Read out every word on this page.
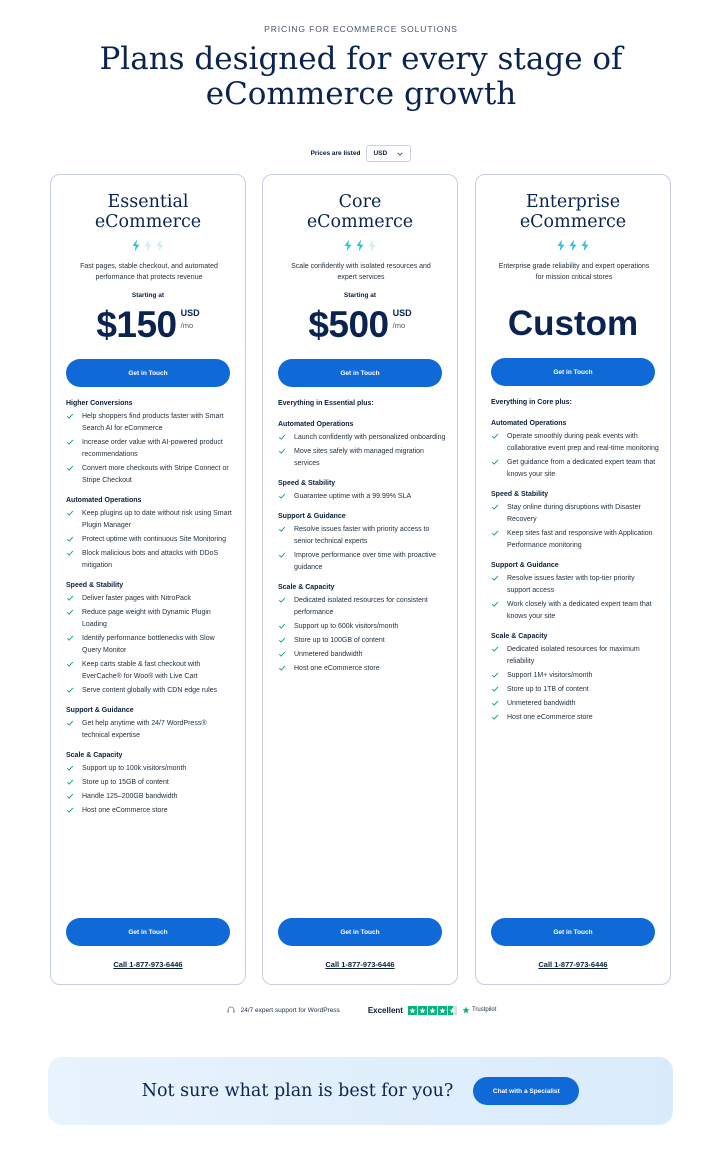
PRICING FOR ECOMMERCE SOLUTIONS
Plans designed for every stage of
eCommerce growth
Prices are listed USD
Essential
eCommerce
Fast pages, stable checkout, and automated performance that protects revenue
Starting at
$150 USD
/mo
Get in Touch
Higher Conversions
Help shoppers find products faster with Smart Search AI for eCommerce
Increase order value with AI-powered product recommendations
Convert more checkouts with Stripe Connect or Stripe Checkout
Automated Operations
Keep plugins up to date without risk using Smart Plugin Manager
Protect uptime with continuous Site Monitoring
Block malicious bots and attacks with DDoS mitigation
Speed & Stability
Deliver faster pages with NitroPack
Reduce page weight with Dynamic Plugin Loading
Identify performance bottlenecks with Slow Query Monitor
Keep carts stable & fast checkout with EverCache® for Woo® with Live Cart
Serve content globally with CDN edge rules
Support & Guidance
Get help anytime with 24/7 WordPress® technical expertise
Scale & Capacity
Support up to 100k visitors/month
Store up to 15GB of content
Handle 125–200GB bandwidth
Host one eCommerce store
Get in Touch
Call 1-877-973-6446
Core
eCommerce
Scale confidently with isolated resources and expert services
Starting at
$500 USD
/mo
Get in Touch
Everything in Essential plus:
Automated Operations
Launch confidently with personalized onboarding
Move sites safely with managed migration services
Speed & Stability
Guarantee uptime with a 99.99% SLA
Support & Guidance
Resolve issues faster with priority access to senior technical experts
Improve performance over time with proactive guidance
Scale & Capacity
Dedicated isolated resources for consistent performance
Support up to 600k visitors/month
Store up to 100GB of content
Unmetered bandwidth
Host one eCommerce store
Get in Touch
Call 1-877-973-6446
Enterprise
eCommerce
Enterprise grade reliability and expert operations for mission critical stores
Custom
Get in Touch
Everything in Core plus:
Automated Operations
Operate smoothly during peak events with collaborative event prep and real-time monitoring
Get guidance from a dedicated expert team that knows your site
Speed & Stability
Stay online during disruptions with Disaster Recovery
Keep sites fast and responsive with Application Performance monitoring
Support & Guidance
Resolve issues faster with top-tier priority support access
Work closely with a dedicated expert team that knows your site
Scale & Capacity
Dedicated isolated resources for maximum reliability
Support 1M+ visitors/month
Store up to 1TB of content
Unmetered bandwidth
Host one eCommerce store
Get in Touch
Call 1-877-973-6446
24/7 expert support for WordPress	Excellent	Trustpilot
Not sure what plan is best for you?	Chat with a Specialist
